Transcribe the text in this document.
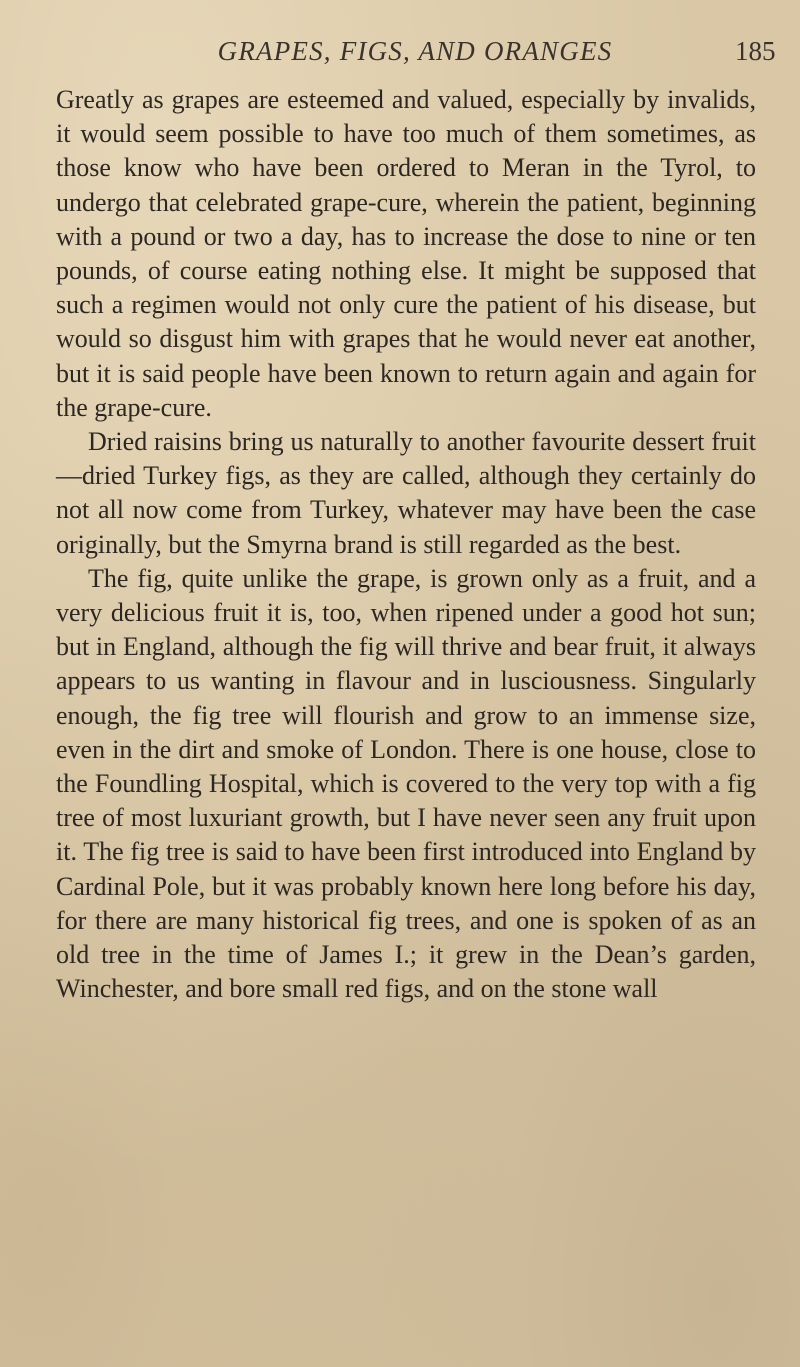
GRAPES, FIGS, AND ORANGES	185

Greatly as grapes are esteemed and valued, especially by invalids, it would seem possible to have too much of them sometimes, as those know who have been ordered to Meran in the Tyrol, to undergo that celebrated grape-cure, wherein the patient, beginning with a pound or two a day, has to increase the dose to nine or ten pounds, of course eating nothing else. It might be supposed that such a regimen would not only cure the patient of his disease, but would so disgust him with grapes that he would never eat another, but it is said people have been known to return again and again for the grape-cure.

Dried raisins bring us naturally to another favourite dessert fruit—dried Turkey figs, as they are called, although they certainly do not all now come from Turkey, whatever may have been the case originally, but the Smyrna brand is still regarded as the best.

The fig, quite unlike the grape, is grown only as a fruit, and a very delicious fruit it is, too, when ripened under a good hot sun; but in England, although the fig will thrive and bear fruit, it always appears to us wanting in flavour and in lusciousness. Singularly enough, the fig tree will flourish and grow to an immense size, even in the dirt and smoke of London. There is one house, close to the Foundling Hospital, which is covered to the very top with a fig tree of most luxuriant growth, but I have never seen any fruit upon it. The fig tree is said to have been first introduced into England by Cardinal Pole, but it was probably known here long before his day, for there are many historical fig trees, and one is spoken of as an old tree in the time of James I.; it grew in the Dean’s garden, Winchester, and bore small red figs, and on the stone wall
